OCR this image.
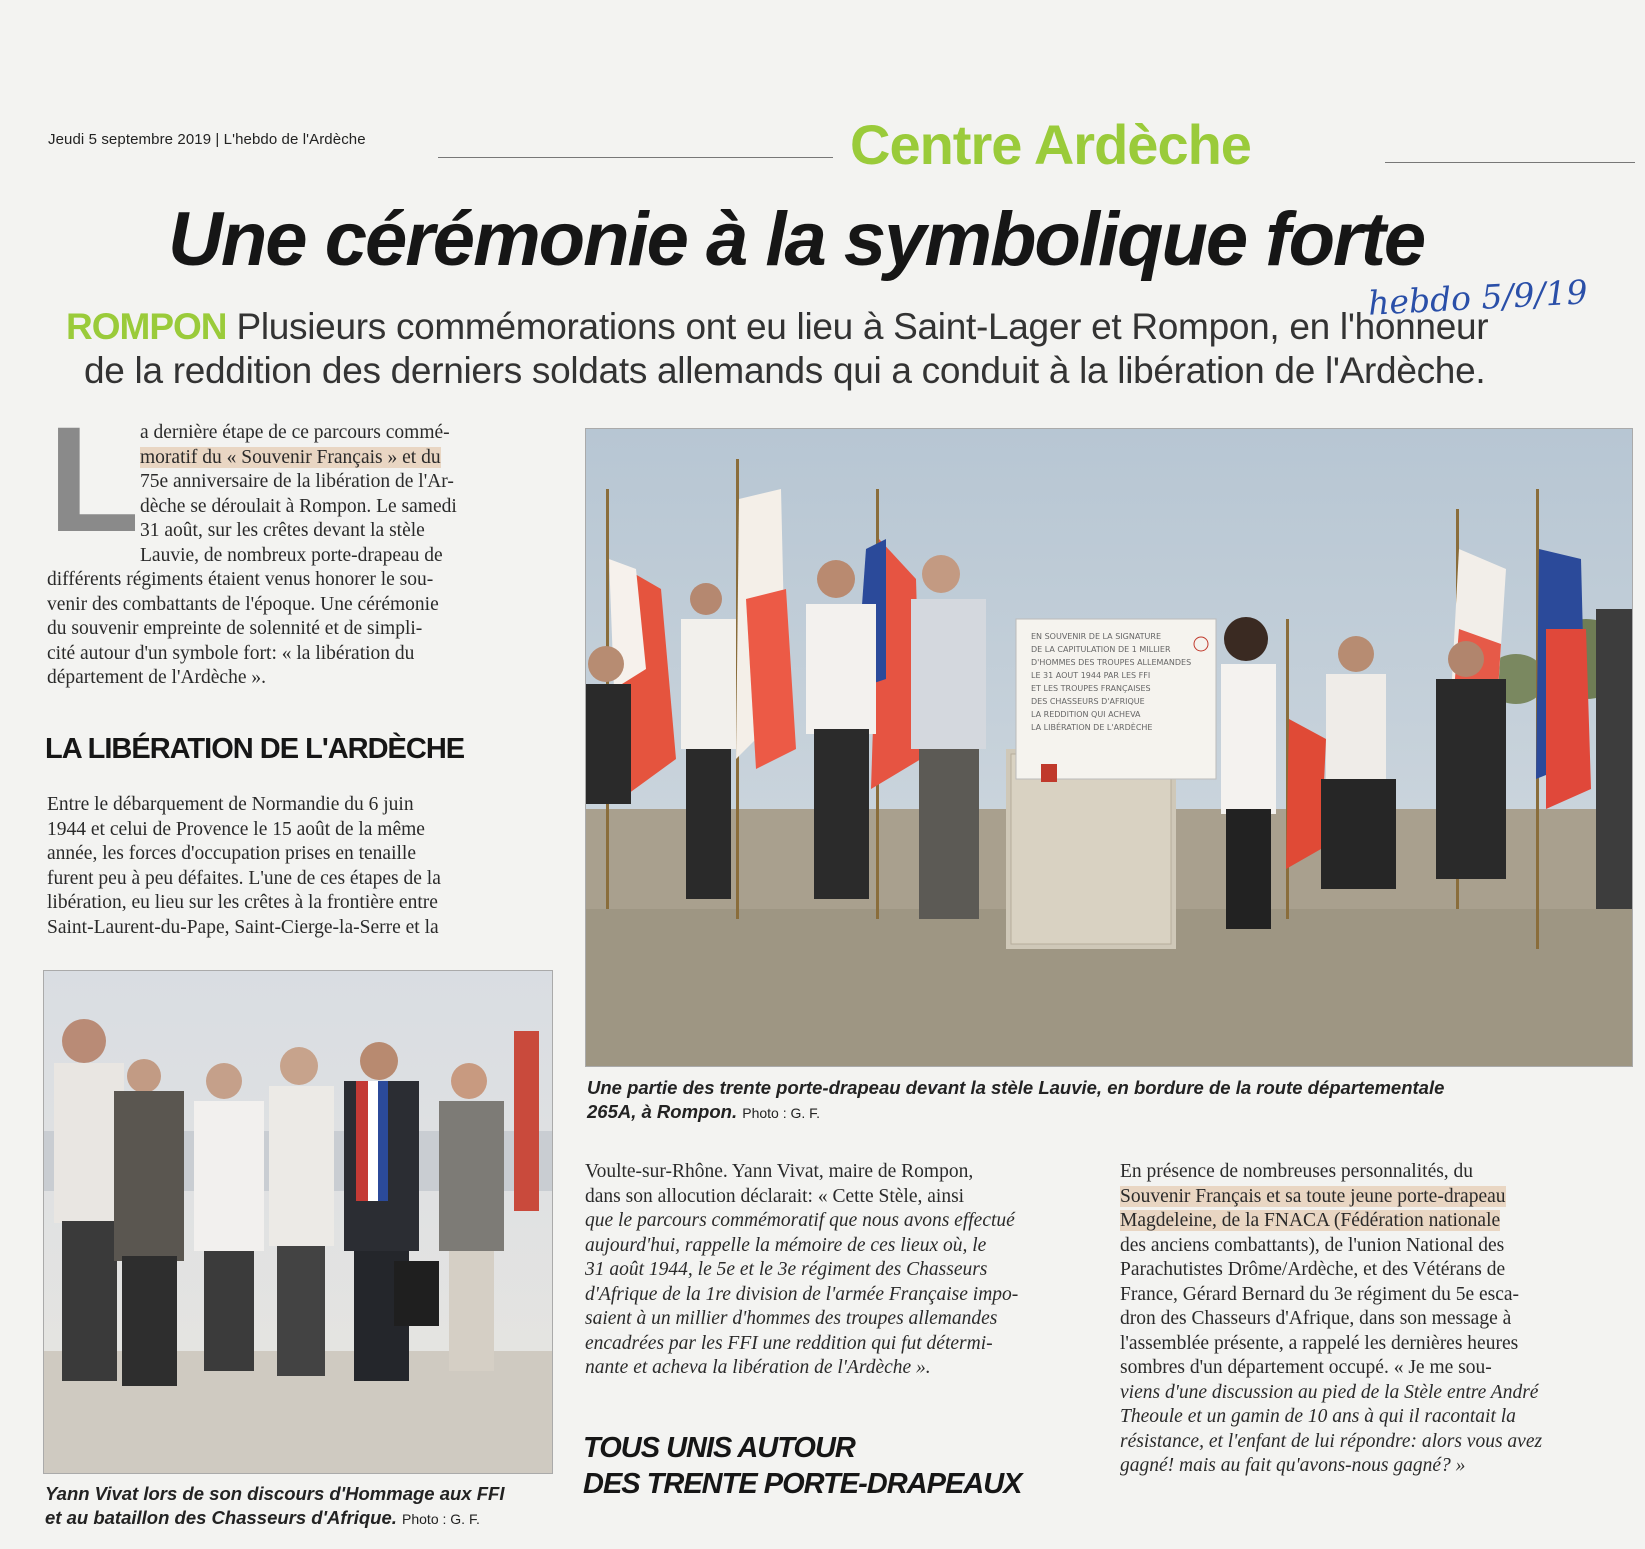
Jeudi 5 septembre 2019 | L'hebdo de l'Ardèche	Centre Ardèche
Une cérémonie à la symbolique forte
hebdo 5/9/19
ROMPON Plusieurs commémorations ont eu lieu à Saint-Lager et Rompon, en l'honneur
de la reddition des derniers soldats allemands qui a conduit à la libération de l'Ardèche.
L a dernière étape de ce parcours commé-
moratif du « Souvenir Français » et du
75e anniversaire de la libération de l'Ar-
dèche se déroulait à Rompon. Le samedi
31 août, sur les crêtes devant la stèle
Lauvie, de nombreux porte-drapeau de
différents régiments étaient venus honorer le sou-
venir des combattants de l'époque. Une cérémonie
du souvenir empreinte de solennité et de simpli-
cité autour d'un symbole fort: « la libération du
département de l'Ardèche ».
LA LIBÉRATION DE L'ARDÈCHE
Entre le débarquement de Normandie du 6 juin
1944 et celui de Provence le 15 août de la même
année, les forces d'occupation prises en tenaille
furent peu à peu défaites. L'une de ces étapes de la
libération, eu lieu sur les crêtes à la frontière entre
Saint-Laurent-du-Pape, Saint-Cierge-la-Serre et la
Yann Vivat lors de son discours d'Hommage aux FFI
et au bataillon des Chasseurs d'Afrique. Photo : G. F.
EN SOUVENIR DE LA SIGNATURE
DE LA CAPITULATION DE 1 MILLIER
D'HOMMES DES TROUPES ALLEMANDES
LE 31 AOUT 1944 PAR LES FFI
ET LES TROUPES FRANÇAISES
DES CHASSEURS D'AFRIQUE
LA REDDITION QUI ACHEVA
LA LIBÉRATION DE L'ARDÈCHE
Une partie des trente porte-drapeau devant la stèle Lauvie, en bordure de la route départementale
265A, à Rompon. Photo : G. F.
Voulte-sur-Rhône. Yann Vivat, maire de Rompon,
dans son allocution déclarait: « Cette Stèle, ainsi
que le parcours commémoratif que nous avons effectué
aujourd'hui, rappelle la mémoire de ces lieux où, le
31 août 1944, le 5e et le 3e régiment des Chasseurs
d'Afrique de la 1re division de l'armée Française impo-
saient à un millier d'hommes des troupes allemandes
encadrées par les FFI une reddition qui fut détermi-
nante et acheva la libération de l'Ardèche ».
TOUS UNIS AUTOUR
DES TRENTE PORTE-DRAPEAUX
En présence de nombreuses personnalités, du
Souvenir Français et sa toute jeune porte-drapeau
Magdeleine, de la FNACA (Fédération nationale
des anciens combattants), de l'union National des
Parachutistes Drôme/Ardèche, et des Vétérans de
France, Gérard Bernard du 3e régiment du 5e esca-
dron des Chasseurs d'Afrique, dans son message à
l'assemblée présente, a rappelé les dernières heures
sombres d'un département occupé. « Je me sou-
viens d'une discussion au pied de la Stèle entre André
Theoule et un gamin de 10 ans à qui il racontait la
résistance, et l'enfant de lui répondre: alors vous avez
gagné! mais au fait qu'avons-nous gagné? »
